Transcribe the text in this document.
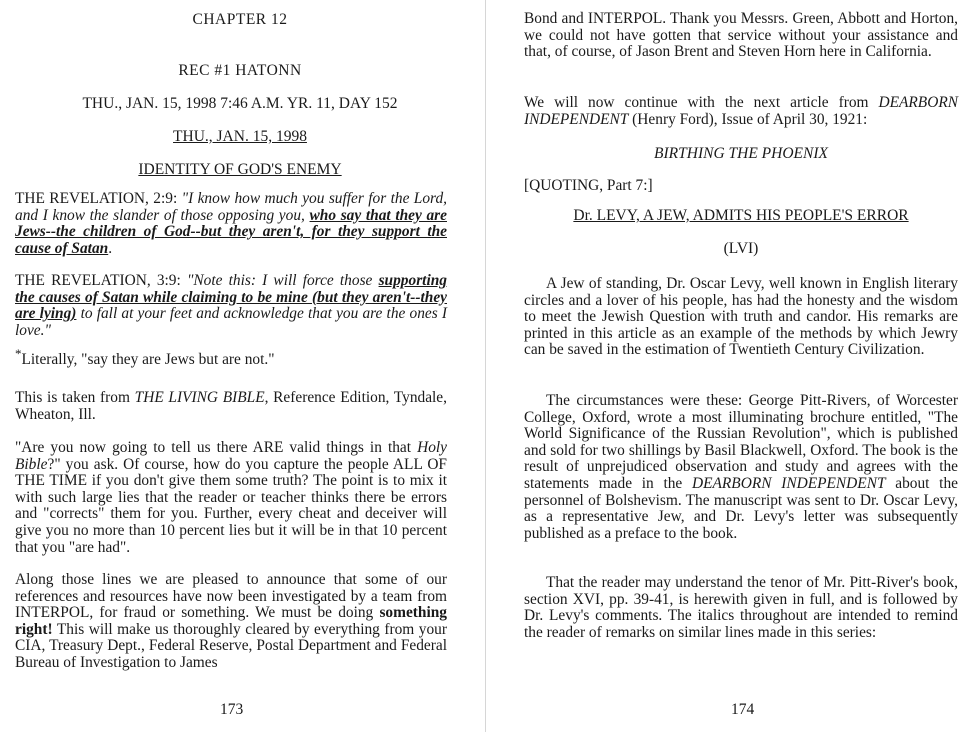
CHAPTER 12
REC #1 HATONN
THU., JAN. 15, 1998 7:46 A.M. YR. 11, DAY 152
THU., JAN. 15, 1998
IDENTITY OF GOD'S ENEMY

THE REVELATION, 2:9: "I know how much you suffer for the Lord, and I know the slander of those opposing you, who say that they are Jews--the children of God--but they aren't, for they support the cause of Satan.

THE REVELATION, 3:9: "Note this: I will force those supporting the causes of Satan while claiming to be mine (but they aren't--they are lying) to fall at your feet and acknowledge that you are the ones I love."

*Literally, "say they are Jews but are not."

This is taken from THE LIVING BIBLE, Reference Edition, Tyndale, Wheaton, Ill.

"Are you now going to tell us there ARE valid things in that Holy Bible?" you ask. Of course, how do you capture the people ALL OF THE TIME if you don't give them some truth? The point is to mix it with such large lies that the reader or teacher thinks there be errors and "corrects" them for you. Further, every cheat and deceiver will give you no more than 10 percent lies but it will be in that 10 percent that you "are had".

Along those lines we are pleased to announce that some of our references and resources have now been investigated by a team from INTERPOL, for fraud or something. We must be doing something right! This will make us thoroughly cleared by everything from your CIA, Treasury Dept., Federal Reserve, Postal Department and Federal Bureau of Investigation to James

173

Bond and INTERPOL. Thank you Messrs. Green, Abbott and Horton, we could not have gotten that service without your assistance and that, of course, of Jason Brent and Steven Horn here in California.

We will now continue with the next article from DEARBORN INDEPENDENT (Henry Ford), Issue of April 30, 1921:

BIRTHING THE PHOENIX

[QUOTING, Part 7:]

Dr. LEVY, A JEW, ADMITS HIS PEOPLE'S ERROR
(LVI)

A Jew of standing, Dr. Oscar Levy, well known in English literary circles and a lover of his people, has had the honesty and the wisdom to meet the Jewish Question with truth and candor. His remarks are printed in this article as an example of the methods by which Jewry can be saved in the estimation of Twentieth Century Civilization.

The circumstances were these: George Pitt-Rivers, of Worcester College, Oxford, wrote a most illuminating brochure entitled, "The World Significance of the Russian Revolution", which is published and sold for two shillings by Basil Blackwell, Oxford. The book is the result of unprejudiced observation and study and agrees with the statements made in the DEARBORN INDEPENDENT about the personnel of Bolshevism. The manuscript was sent to Dr. Oscar Levy, as a representative Jew, and Dr. Levy's letter was subsequently published as a preface to the book.

That the reader may understand the tenor of Mr. Pitt-River's book, section XVI, pp. 39-41, is herewith given in full, and is followed by Dr. Levy's comments. The italics throughout are intended to remind the reader of remarks on similar lines made in this series:

174
